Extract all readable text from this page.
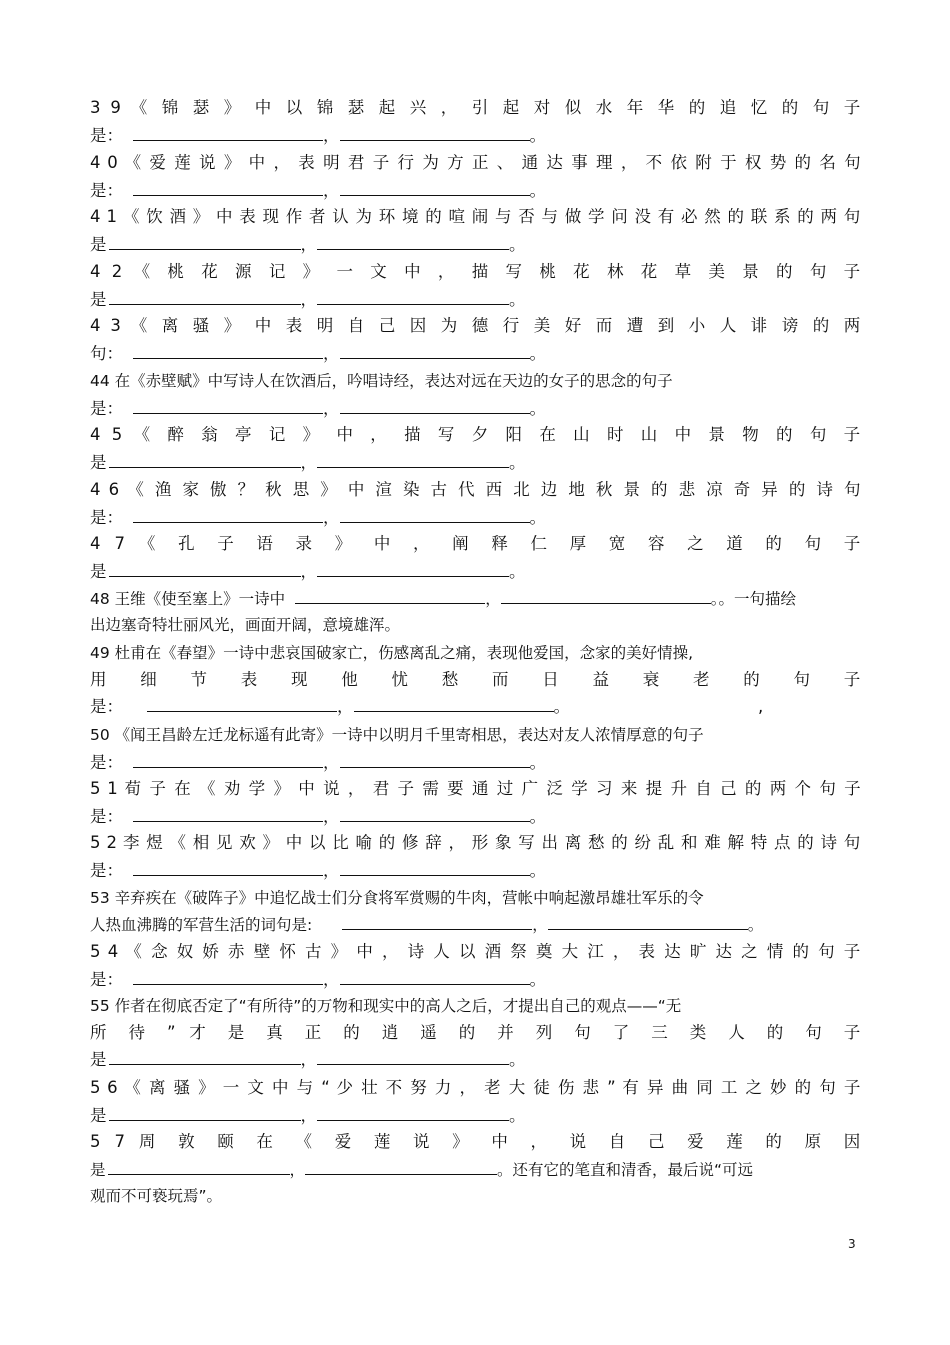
3 9 《 锦 瑟 》 中 以 锦 瑟 起 兴 ， 引 起 对 似 水 年 华 的 追 忆 的 句 子
是：	，	。
4 0 《 爱 莲 说 》 中 ， 表 明 君 子 行 为 方 正 、 通 达 事 理 ， 不 依 附 于 权 势 的 名 句
是：	，	。
4 1 《 饮 酒 》 中 表 现 作 者 认 为 环 境 的 喧 闹 与 否 与 做 学 问 没 有 必 然 的 联 系 的 两 句
是	，	。
4 2 《 桃 花 源 记 》 一 文 中 ， 描 写 桃 花 林 花 草 美 景 的 句 子
是	，	。
4 3 《 离 骚 》 中 表 明 自 己 因 为 德 行 美 好 而 遭 到 小 人 诽 谤 的 两
句：	，	。
44 在《赤壁赋》中写诗人在饮酒后，吟唱诗经，表达对远在天边的女子的思念的句子
是：	，	。
4 5 《 醉 翁 亭 记 》 中 ， 描 写 夕 阳 在 山 时 山 中 景 物 的 句 子
是	，	。
4 6 《 渔 家 傲 ？ 秋 思 》 中 渲 染 古 代 西 北 边 地 秋 景 的 悲 凉 奇 异 的 诗 句
是：	，	。
4 7 《 孔 子 语 录 》 中 ， 阐 释 仁 厚 宽 容 之 道 的 句 子
是	，	。
48 王维《使至塞上》一诗中	，	。。一句描绘
出边塞奇特壮丽风光，画面开阔，意境雄浑。
49 杜甫在《春望》一诗中悲哀国破家亡，伤感离乱之痛，表现他爱国，念家的美好情操,
用 细 节 表 现 他 忧 愁 而 日 益 衰 老 的 句 子
是：	，	。	,
50 《闻王昌龄左迁龙标遥有此寄》一诗中以明月千里寄相思，表达对友人浓情厚意的句子
是：	，	。
5 1 荀 子 在 《 劝 学 》 中 说 ， 君 子 需 要 通 过 广 泛 学 习 来 提 升 自 己 的 两 个 句 子
是：	，	。
5 2 李 煜 《 相 见 欢 》 中 以 比 喻 的 修 辞 ， 形 象 写 出 离 愁 的 纷 乱 和 难 解 特 点 的 诗 句
是：	，	。
53 辛弃疾在《破阵子》中追忆战士们分食将军赏赐的牛肉，营帐中响起激昂雄壮军乐的令
人热血沸腾的军营生活的词句是:	，	。
5 4 《 念 奴 娇 赤 壁 怀 古 》 中 ， 诗 人 以 酒 祭 奠 大 江 ， 表 达 旷 达 之 情 的 句 子
是：	，	。
55 作者在彻底否定了“有所待”的万物和现实中的高人之后，才提出自己的观点——“无
所 待 ” 才 是 真 正 的 逍 遥 的 并 列 句 了 三 类 人 的 句 子
是	，	。
5 6 《 离 骚 》 一 文 中 与 “ 少 壮 不 努 力 ， 老 大 徒 伤 悲 ” 有 异 曲 同 工 之 妙 的 句 子
是	，	。
5 7 周 敦 颐 在 《 爱 莲 说 》 中 ， 说 自 己 爱 莲 的 原 因
是	，	。还有它的笔直和清香，最后说“可远
观而不可亵玩焉”。
3
